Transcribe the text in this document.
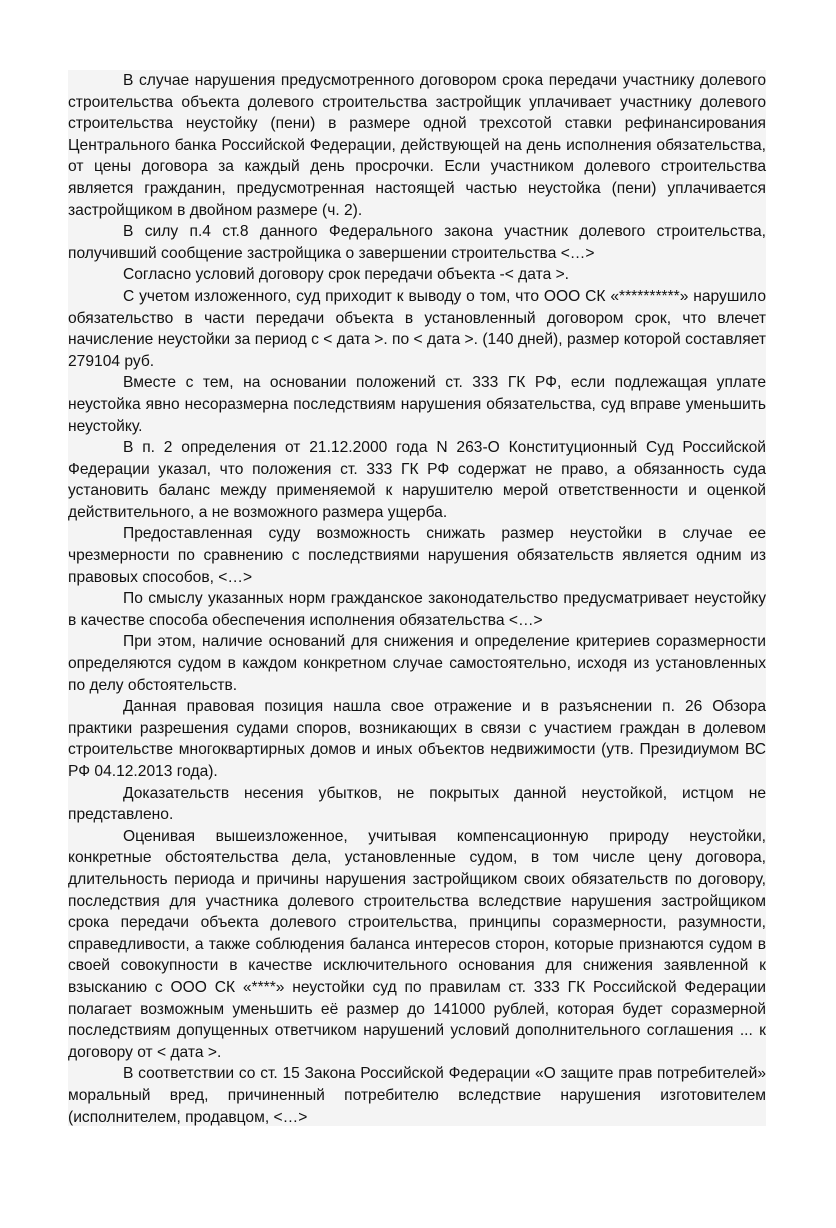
В случае нарушения предусмотренного договором срока передачи участнику долевого строительства объекта долевого строительства застройщик уплачивает участнику долевого строительства неустойку (пени) в размере одной трехсотой ставки рефинансирования Центрального банка Российской Федерации, действующей на день исполнения обязательства, от цены договора за каждый день просрочки. Если участником долевого строительства является гражданин, предусмотренная настоящей частью неустойка (пени) уплачивается застройщиком в двойном размере (ч. 2).

В силу п.4 ст.8 данного Федерального закона участник долевого строительства, получивший сообщение застройщика о завершении строительства <…>

Согласно условий договору срок передачи объекта -< дата >.

С учетом изложенного, суд приходит к выводу о том, что ООО СК «**********» нарушило обязательство в части передачи объекта в установленный договором срок, что влечет начисление неустойки за период с < дата >. по < дата >. (140 дней), размер которой составляет 279104 руб.

Вместе с тем, на основании положений ст. 333 ГК РФ, если подлежащая уплате неустойка явно несоразмерна последствиям нарушения обязательства, суд вправе уменьшить неустойку.

В п. 2 определения от 21.12.2000 года N 263-О Конституционный Суд Российской Федерации указал, что положения ст. 333 ГК РФ содержат не право, а обязанность суда установить баланс между применяемой к нарушителю мерой ответственности и оценкой действительного, а не возможного размера ущерба.

Предоставленная суду возможность снижать размер неустойки в случае ее чрезмерности по сравнению с последствиями нарушения обязательств является одним из правовых способов, <…>

По смыслу указанных норм гражданское законодательство предусматривает неустойку в качестве способа обеспечения исполнения обязательства <…>

При этом, наличие оснований для снижения и определение критериев соразмерности определяются судом в каждом конкретном случае самостоятельно, исходя из установленных по делу обстоятельств.

Данная правовая позиция нашла свое отражение и в разъяснении п. 26 Обзора практики разрешения судами споров, возникающих в связи с участием граждан в долевом строительстве многоквартирных домов и иных объектов недвижимости (утв. Президиумом ВС РФ 04.12.2013 года).

Доказательств несения убытков, не покрытых данной неустойкой, истцом не представлено.

Оценивая вышеизложенное, учитывая компенсационную природу неустойки, конкретные обстоятельства дела, установленные судом, в том числе цену договора, длительность периода и причины нарушения застройщиком своих обязательств по договору, последствия для участника долевого строительства вследствие нарушения застройщиком срока передачи объекта долевого строительства, принципы соразмерности, разумности, справедливости, а также соблюдения баланса интересов сторон, которые признаются судом в своей совокупности в качестве исключительного основания для снижения заявленной к взысканию с ООО СК «****» неустойки суд по правилам ст. 333 ГК Российской Федерации полагает возможным уменьшить её размер до 141000 рублей, которая будет соразмерной последствиям допущенных ответчиком нарушений условий дополнительного соглашения ... к договору от < дата >.

В соответствии со ст. 15 Закона Российской Федерации «О защите прав потребителей» моральный вред, причиненный потребителю вследствие нарушения изготовителем (исполнителем, продавцом, <…>
